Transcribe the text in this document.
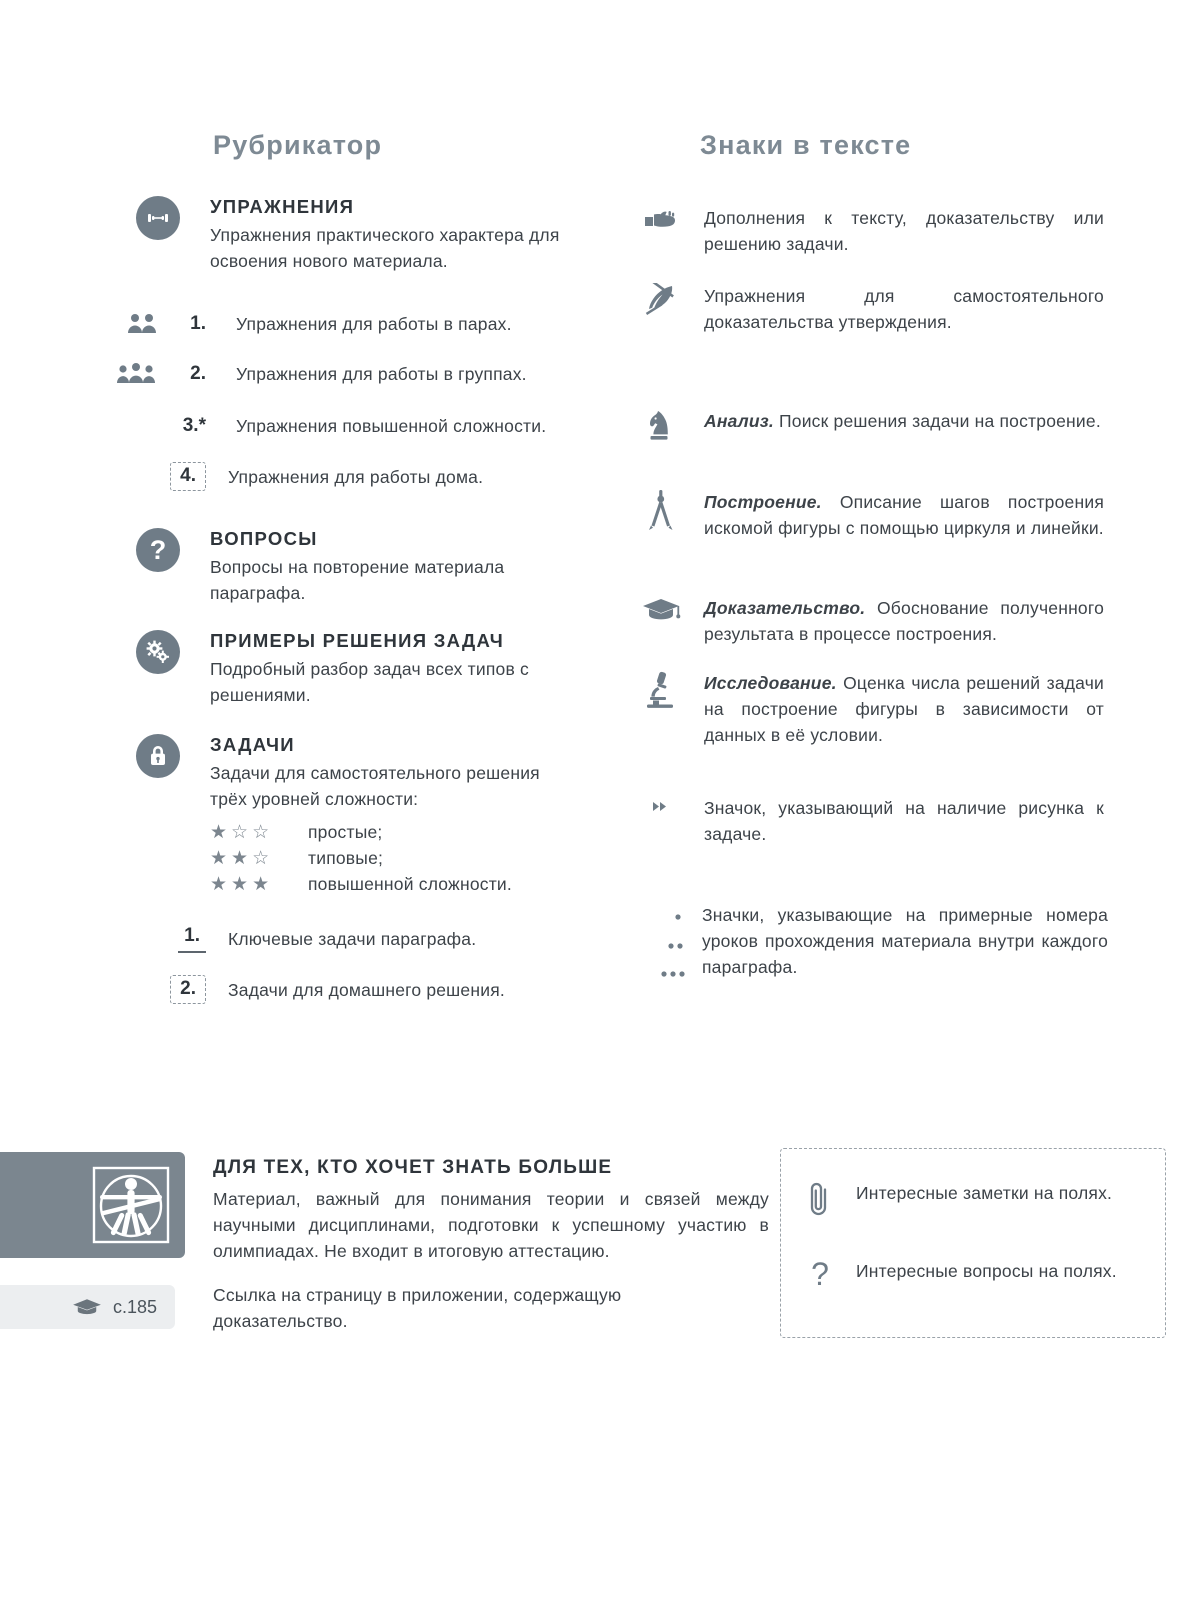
Рубрикатор
УПРАЖНЕНИЯ
Упражнения практического характера для освоения нового материала.
1. Упражнения для работы в парах.
2. Упражнения для работы в группах.
3.* Упражнения повышенной сложности.
4.	Упражнения для работы дома.
? ВОПРОСЫ
Вопросы на повторение материала параграфа.
ПРИМЕРЫ РЕШЕНИЯ ЗАДАЧ
Подробный разбор задач всех типов с решениями.
ЗАДАЧИ
Задачи для самостоятельного решения трёх уровней сложности:
★☆☆	простые;
★★☆	типовые;
★★★	повышенной сложности.
1.	Ключевые задачи параграфа.
2.	Задачи для домашнего решения.
Знаки в тексте
Дополнения к тексту, доказательству или решению задачи.
Упражнения для самостоятельного доказательства утверждения.
Анализ. Поиск решения задачи на построение.
Построение. Описание шагов построения искомой фигуры с помощью циркуля и линейки.
Доказательство. Обоснование полученного результата в процессе построения.
Исследование. Оценка числа решений задачи на построение фигуры в зависимости от данных в её условии.
Значок, указывающий на наличие рисунка к задаче.
Значки, указывающие на примерные номера уроков прохождения материала внутри каждого параграфа.
ДЛЯ ТЕХ, КТО ХОЧЕТ ЗНАТЬ БОЛЬШЕ
Материал, важный для понимания теории и связей между научными дисциплинами, подготовки к успешному участию в олимпиадах. Не входит в итоговую аттестацию.
с.185
Ссылка на страницу в приложении, содержащую доказательство.
Интересные заметки на полях.
? Интересные вопросы на полях.
